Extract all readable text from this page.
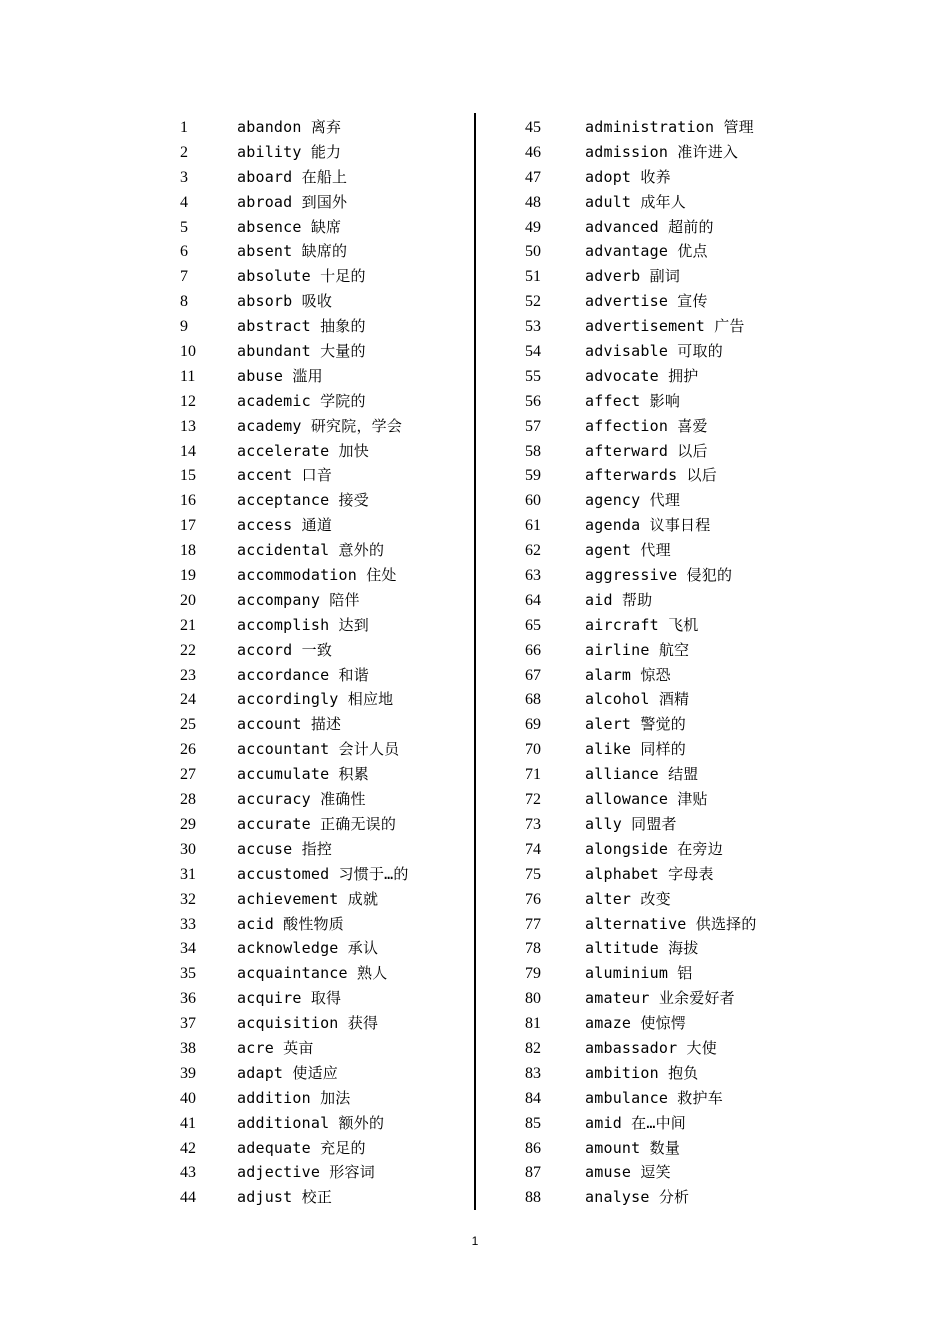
1	abandon 离弃
2	ability 能力
3	aboard 在船上
4	abroad 到国外
5	absence 缺席
6	absent 缺席的
7	absolute 十足的
8	absorb 吸收
9	abstract 抽象的
10	abundant 大量的
11	abuse 滥用
12	academic 学院的
13	academy 研究院，学会
14	accelerate 加快
15	accent 口音
16	acceptance 接受
17	access 通道
18	accidental 意外的
19	accommodation 住处
20	accompany 陪伴
21	accomplish 达到
22	accord 一致
23	accordance 和谐
24	accordingly 相应地
25	account 描述
26	accountant 会计人员
27	accumulate 积累
28	accuracy 准确性
29	accurate 正确无误的
30	accuse 指控
31	accustomed 习惯于…的
32	achievement 成就
33	acid 酸性物质
34	acknowledge 承认
35	acquaintance 熟人
36	acquire 取得
37	acquisition 获得
38	acre 英亩
39	adapt 使适应
40	addition 加法
41	additional 额外的
42	adequate 充足的
43	adjective 形容词
44	adjust 校正
45	administration 管理
46	admission 准许进入
47	adopt 收养
48	adult 成年人
49	advanced 超前的
50	advantage 优点
51	adverb 副词
52	advertise 宣传
53	advertisement 广告
54	advisable 可取的
55	advocate 拥护
56	affect 影响
57	affection 喜爱
58	afterward 以后
59	afterwards 以后
60	agency 代理
61	agenda 议事日程
62	agent 代理
63	aggressive 侵犯的
64	aid 帮助
65	aircraft 飞机
66	airline 航空
67	alarm 惊恐
68	alcohol 酒精
69	alert 警觉的
70	alike 同样的
71	alliance 结盟
72	allowance 津贴
73	ally 同盟者
74	alongside 在旁边
75	alphabet 字母表
76	alter 改变
77	alternative 供选择的
78	altitude 海拔
79	aluminium 铝
80	amateur 业余爱好者
81	amaze 使惊愕
82	ambassador 大使
83	ambition 抱负
84	ambulance 救护车
85	amid 在…中间
86	amount 数量
87	amuse 逗笑
88	analyse 分析
1
